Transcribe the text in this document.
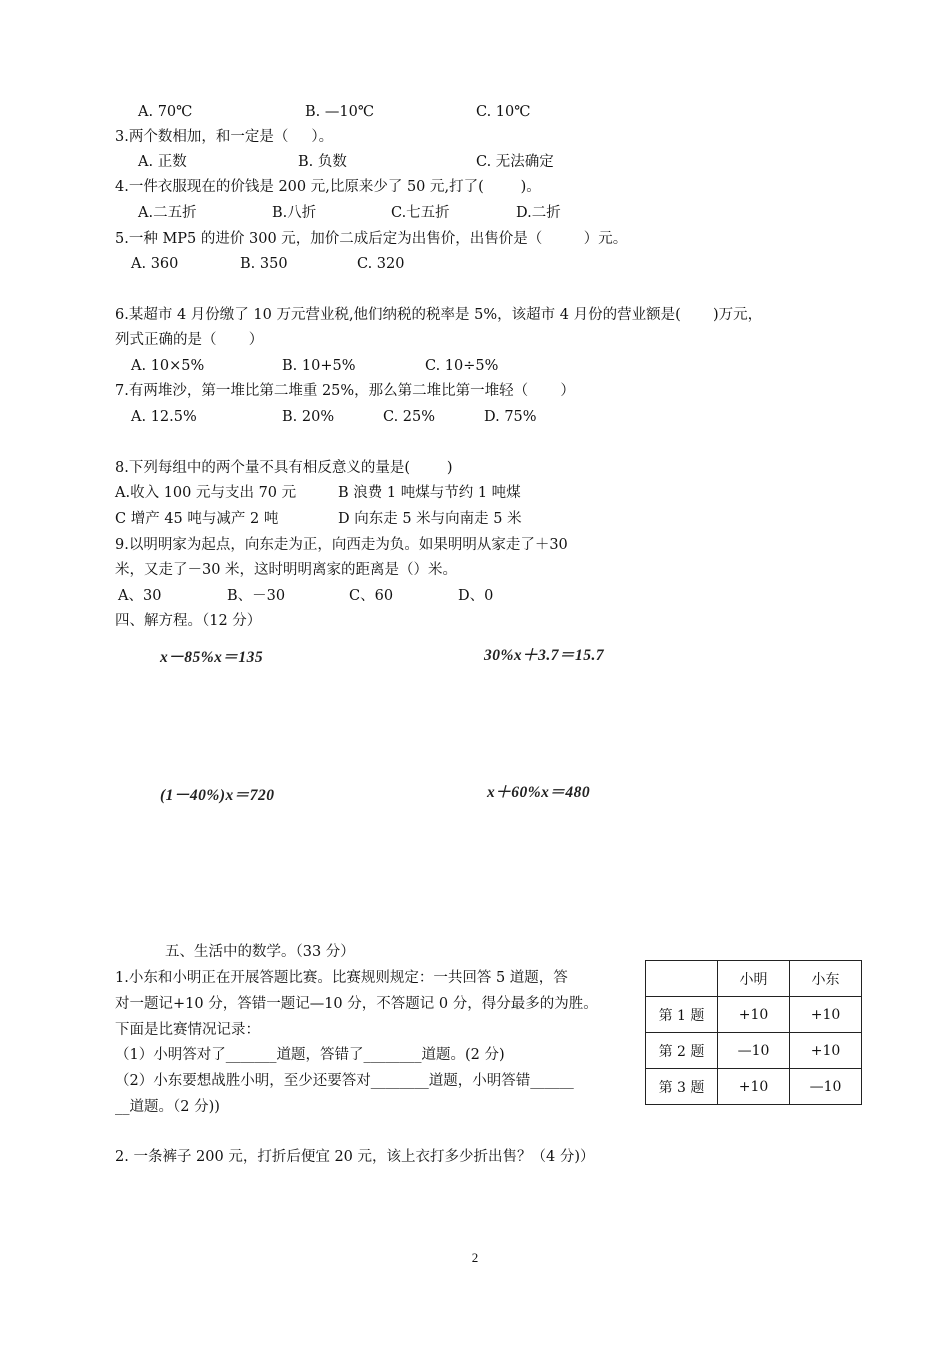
A. 70℃	B. —10℃	C. 10℃
3.两个数相加，和一定是（     ）。
A. 正数	B. 负数	C. 无法确定
4.一件衣服现在的价钱是 200 元,比原来少了 50 元,打了(        )。
A.二五折	B.八折	C.七五折	D.二折
5.一种 MP5 的进价 300 元，加价二成后定为出售价，出售价是（         ）元。
A. 360	B. 350	C. 320
6.某超市 4 月份缴了 10 万元营业税,他们纳税的税率是 5%，该超市 4 月份的营业额是(       )万元，
列式正确的是（       ）
A. 10×5%	B. 10+5%	C. 10÷5%
7.有两堆沙，第一堆比第二堆重 25%，那么第二堆比第一堆轻（       ）
A. 12.5%	B. 20%	C. 25%	D. 75%
8.下列每组中的两个量不具有相反意义的量是(        )
A.收入 100 元与支出 70 元	B 浪费 1 吨煤与节约 1 吨煤
C 增产 45 吨与减产 2 吨	D 向东走 5 米与向南走 5 米
9.以明明家为起点，向东走为正，向西走为负。如果明明从家走了＋30
米，又走了－30 米，这时明明离家的距离是（）米。
A、30	B、－30	C、60	D、0
四、解方程。（12 分）
x－85%x＝135	30%x＋3.7＝15.7
(1－40%)x＝720	x＋60%x＝480
五、生活中的数学。（33 分）
1.小东和小明正在开展答题比赛。比赛规则规定：一共回答 5 道题，答
对一题记+10 分，答错一题记—10 分，不答题记 0 分，得分最多的为胜。
下面是比赛情况记录：
（1）小明答对了_______道题，答错了________道题。(2 分)
（2）小东要想战胜小明，至少还要答对________道题，小明答错______
__道题。（2 分))
	小明	小东
第 1 题	+10	+10
第 2 题	—10	+10
第 3 题	+10	—10
2. 一条裤子 200 元，打折后便宜 20 元，该上衣打多少折出售？（4 分)）
2
